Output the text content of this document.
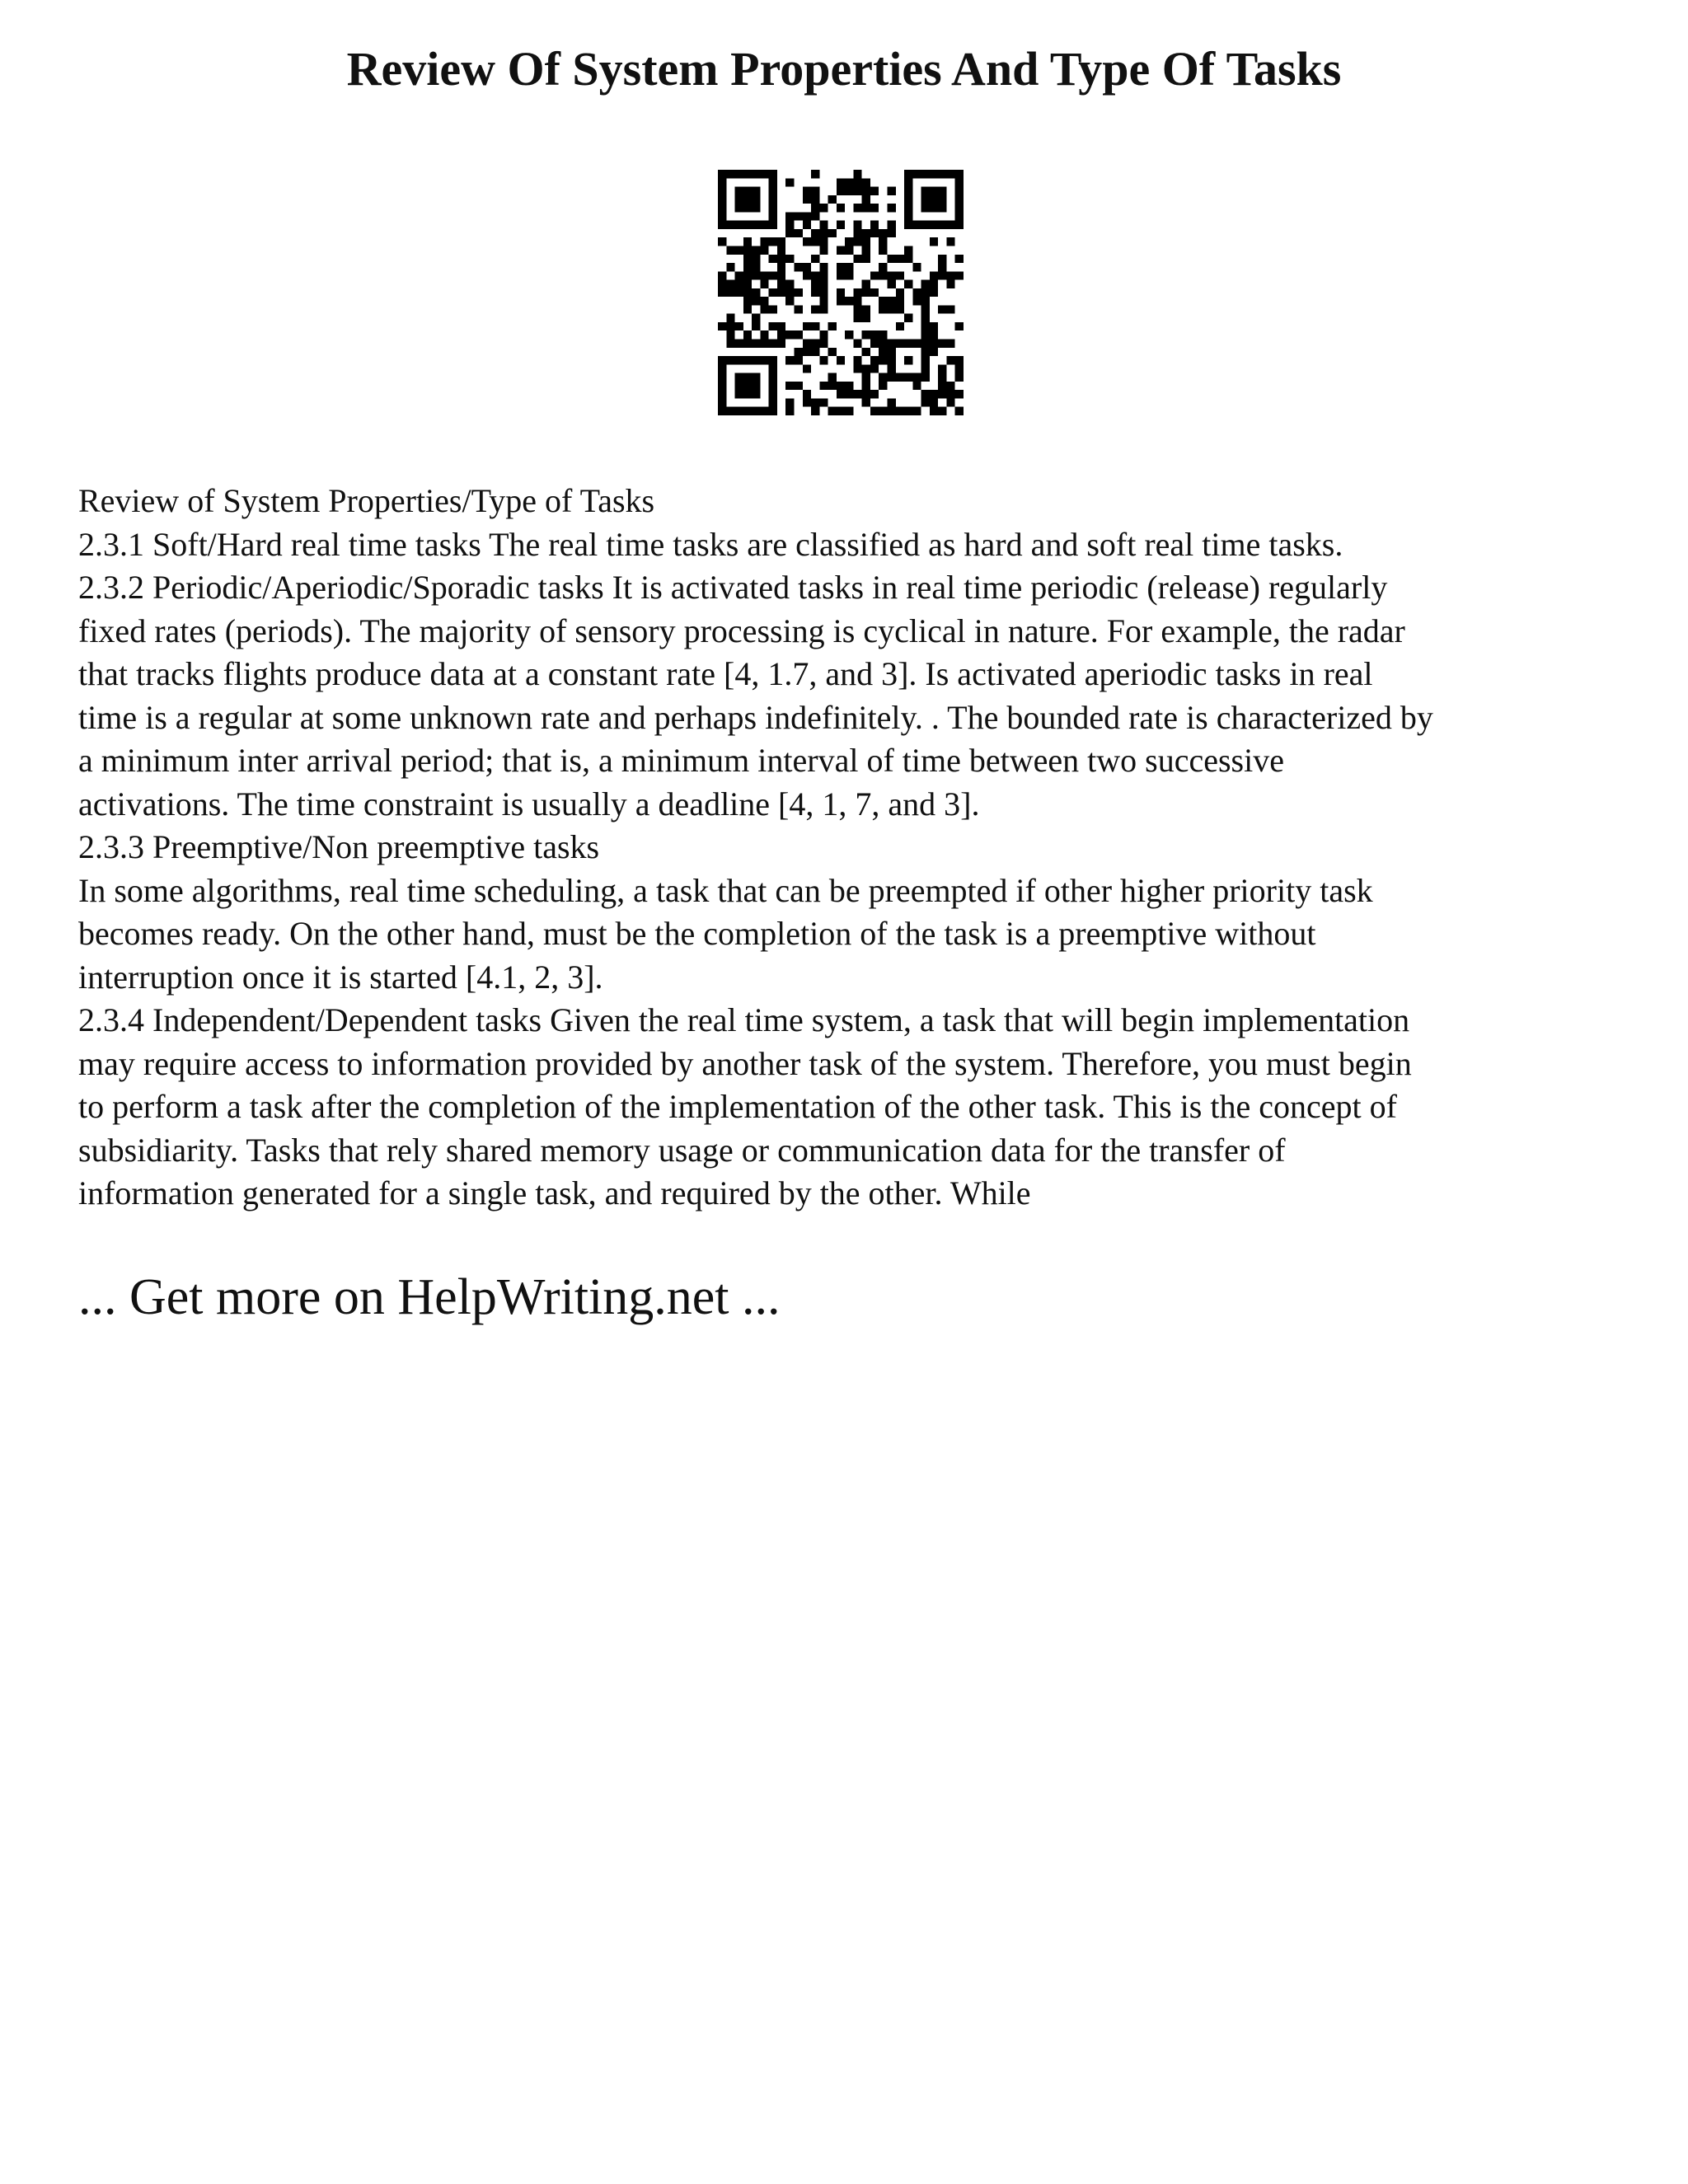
Review Of System Properties And Type Of Tasks
Review of System Properties/Type of Tasks
2.3.1 Soft/Hard real time tasks The real time tasks are classified as hard and soft real time tasks.
2.3.2 Periodic/Aperiodic/Sporadic tasks It is activated tasks in real time periodic (release) regularly
fixed rates (periods). The majority of sensory processing is cyclical in nature. For example, the radar
that tracks flights produce data at a constant rate [4, 1.7, and 3]. Is activated aperiodic tasks in real
time is a regular at some unknown rate and perhaps indefinitely. . The bounded rate is characterized by
a minimum inter arrival period; that is, a minimum interval of time between two successive
activations. The time constraint is usually a deadline [4, 1, 7, and 3].
2.3.3 Preemptive/Non preemptive tasks
In some algorithms, real time scheduling, a task that can be preempted if other higher priority task
becomes ready. On the other hand, must be the completion of the task is a preemptive without
interruption once it is started [4.1, 2, 3].
2.3.4 Independent/Dependent tasks Given the real time system, a task that will begin implementation
may require access to information provided by another task of the system. Therefore, you must begin
to perform a task after the completion of the implementation of the other task. This is the concept of
subsidiarity. Tasks that rely shared memory usage or communication data for the transfer of
information generated for a single task, and required by the other. While

... Get more on HelpWriting.net ...
